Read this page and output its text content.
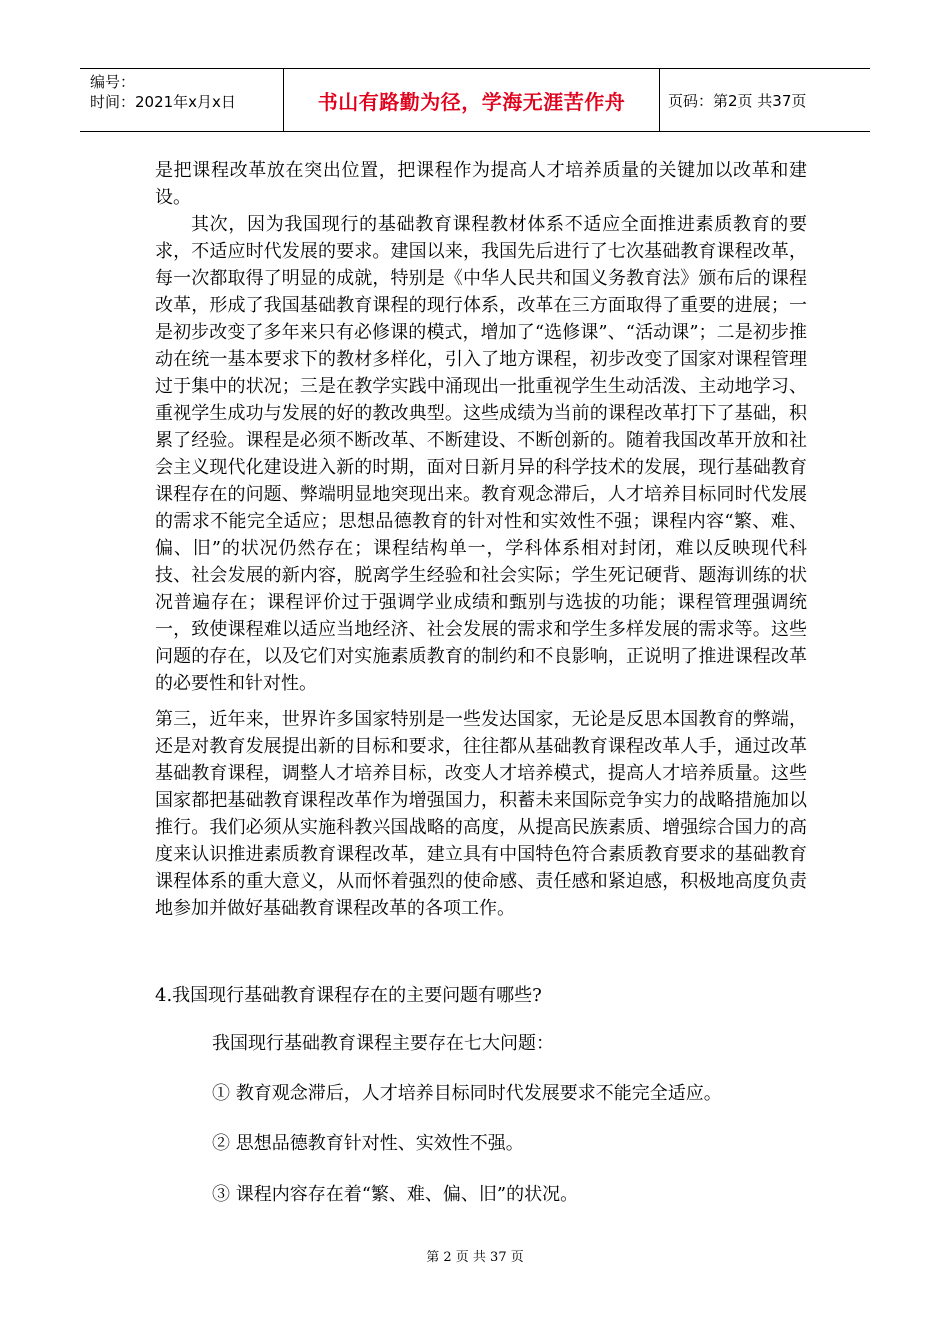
编号：
时间：2021年x月x日	书山有路勤为径，学海无涯苦作舟	页码：第2页 共37页

是把课程改革放在突出位置，把课程作为提高人才培养质量的关键加以改革和建设。

其次，因为我国现行的基础教育课程教材体系不适应全面推进素质教育的要求，不适应时代发展的要求。建国以来，我国先后进行了七次基础教育课程改革，每一次都取得了明显的成就，特别是《中华人民共和国义务教育法》颁布后的课程改革，形成了我国基础教育课程的现行体系，改革在三方面取得了重要的进展；一是初步改变了多年来只有必修课的模式，增加了“选修课”、“活动课”；二是初步推动在统一基本要求下的教材多样化，引入了地方课程，初步改变了国家对课程管理过于集中的状况；三是在教学实践中涌现出一批重视学生生动活泼、主动地学习、重视学生成功与发展的好的教改典型。这些成绩为当前的课程改革打下了基础，积累了经验。课程是必须不断改革、不断建设、不断创新的。随着我国改革开放和社会主义现代化建设进入新的时期，面对日新月异的科学技术的发展，现行基础教育课程存在的问题、弊端明显地突现出来。教育观念滞后，人才培养目标同时代发展的需求不能完全适应；思想品德教育的针对性和实效性不强；课程内容“繁、难、偏、旧”的状况仍然存在；课程结构单一，学科体系相对封闭，难以反映现代科技、社会发展的新内容，脱离学生经验和社会实际；学生死记硬背、题海训练的状况普遍存在；课程评价过于强调学业成绩和甄别与选拔的功能；课程管理强调统一，致使课程难以适应当地经济、社会发展的需求和学生多样发展的需求等。这些问题的存在，以及它们对实施素质教育的制约和不良影响，正说明了推进课程改革的必要性和针对性。

第三，近年来，世界许多国家特别是一些发达国家，无论是反思本国教育的弊端，还是对教育发展提出新的目标和要求，往往都从基础教育课程改革人手，通过改革基础教育课程，调整人才培养目标，改变人才培养模式，提高人才培养质量。这些国家都把基础教育课程改革作为增强国力，积蓄未来国际竞争实力的战略措施加以推行。我们必须从实施科教兴国战略的高度，从提高民族素质、增强综合国力的高度来认识推进素质教育课程改革，建立具有中国特色符合素质教育要求的基础教育课程体系的重大意义，从而怀着强烈的使命感、责任感和紧迫感，积极地高度负责地参加并做好基础教育课程改革的各项工作。

4.我国现行基础教育课程存在的主要问题有哪些?

我国现行基础教育课程主要存在七大问题：

① 教育观念滞后，人才培养目标同时代发展要求不能完全适应。

② 思想品德教育针对性、实效性不强。

③ 课程内容存在着“繁、难、偏、旧”的状况。

第 2 页 共 37 页
